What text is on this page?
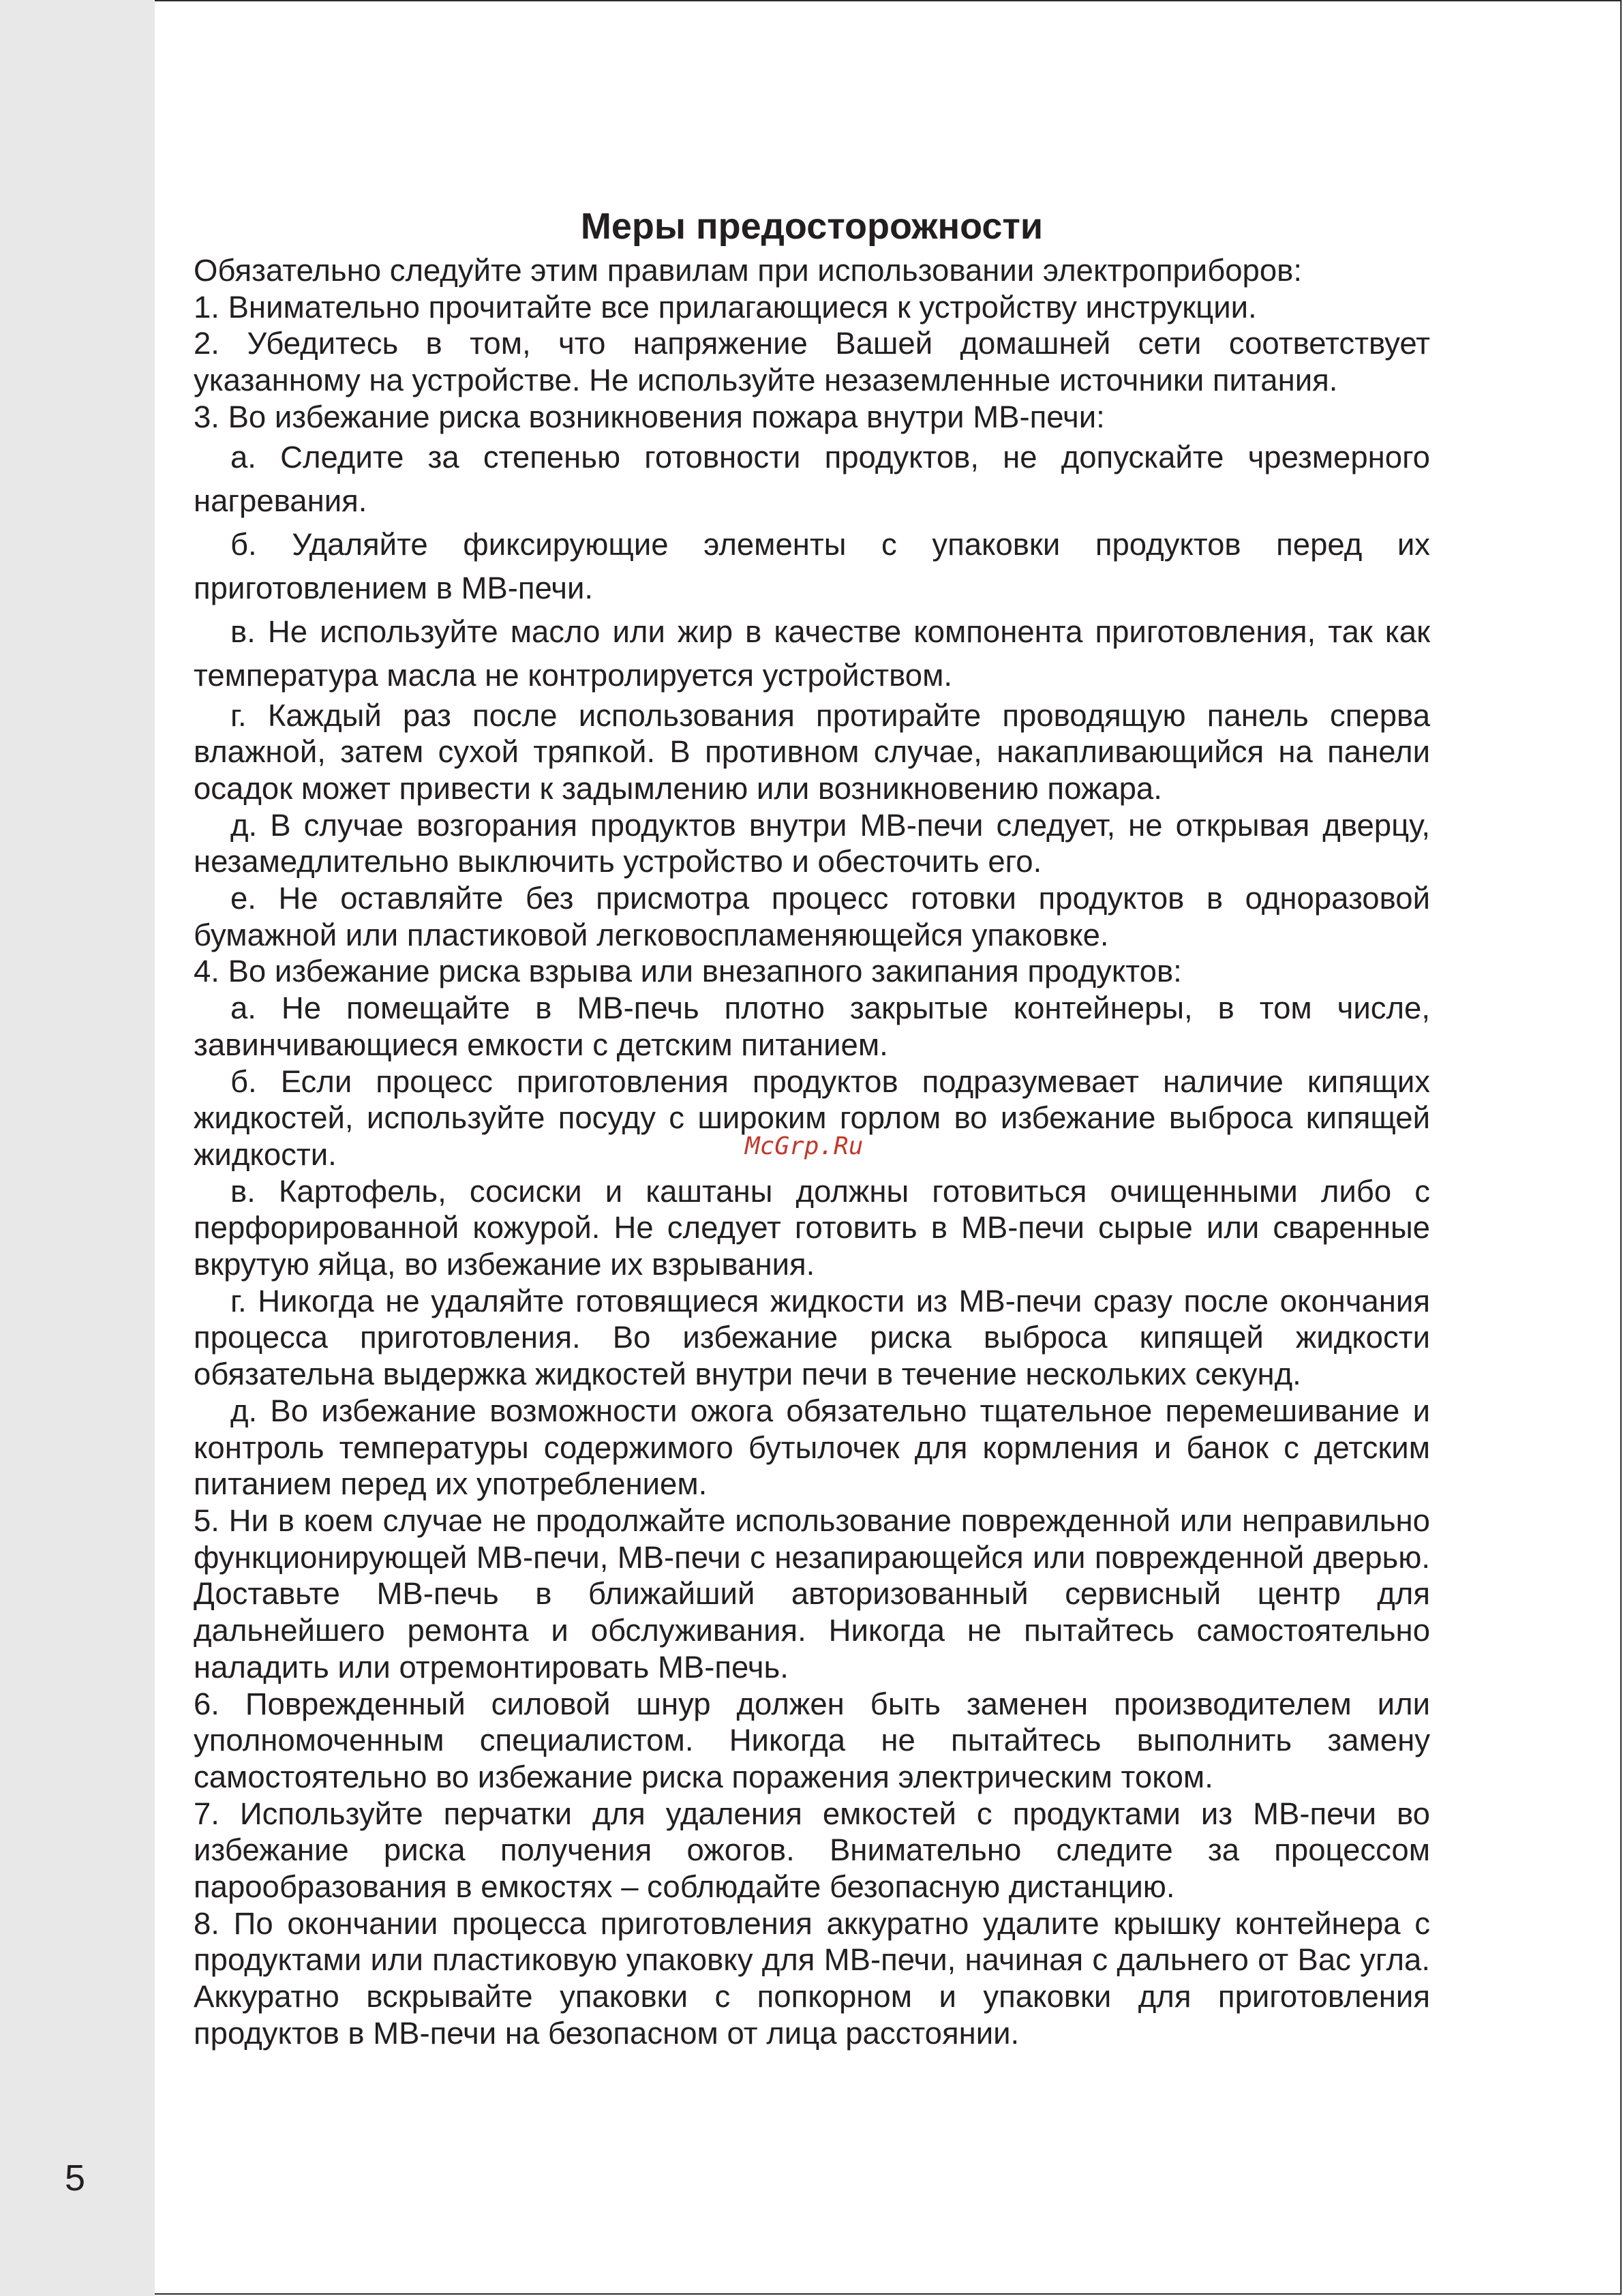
5
Меры предосторожности

Обязательно следуйте этим правилам при использовании электроприборов:

1. Внимательно прочитайте все прилагающиеся к устройству инструкции.

2. Убедитесь в том, что напряжение Вашей домашней сети соответствует указанному на устройстве. Не используйте незаземленные источники питания.

3. Во избежание риска возникновения пожара внутри МВ-печи:

а. Следите за степенью готовности продуктов, не допускайте чрезмерного нагревания.

б. Удаляйте фиксирующие элементы с упаковки продуктов перед их приготовлением в МВ-печи.

в. Не используйте масло или жир в качестве компонента приготовления, так как температура масла не контролируется устройством.

г. Каждый раз после использования протирайте проводящую панель сперва влажной, затем сухой тряпкой. В противном случае, накапливающийся на панели осадок может привести к задымлению или возникновению пожара.

д. В случае возгорания продуктов внутри МВ-печи следует, не открывая дверцу, незамедлительно выключить устройство и обесточить его.

е. Не оставляйте без присмотра процесс готовки продуктов в одноразовой бумажной или пластиковой легковоспламеняющейся упаковке.

4. Во избежание риска взрыва или внезапного закипания продуктов:

а. Не помещайте в МВ-печь плотно закрытые контейнеры, в том числе, завинчивающиеся емкости с детским питанием.

б. Если процесс приготовления продуктов подразумевает наличие кипящих жидкостей, используйте посуду с широким горлом во избежание выброса кипящей жидкости.

в. Картофель, сосиски и каштаны должны готовиться очищенными либо с перфорированной кожурой. Не следует готовить в МВ-печи сырые или сваренные вкрутую яйца, во избежание их взрывания.

г. Никогда не удаляйте готовящиеся жидкости из МВ-печи сразу после окончания процесса приготовления. Во избежание риска выброса кипящей жидкости обязательна выдержка жидкостей внутри печи в течение нескольких секунд.

д. Во избежание возможности ожога обязательно тщательное перемешивание и контроль температуры содержимого бутылочек для кормления и банок с детским питанием перед их употреблением.

5. Ни в коем случае не продолжайте использование поврежденной или неправильно функционирующей МВ-печи, МВ-печи с незапирающейся или поврежденной дверью. Доставьте МВ-печь в ближайший авторизованный сервисный центр для дальнейшего ремонта и обслуживания. Никогда не пытайтесь самостоятельно наладить или отремонтировать МВ-печь.

6. Поврежденный силовой шнур должен быть заменен производителем или уполномоченным специалистом. Никогда не пытайтесь выполнить замену самостоятельно во избежание риска поражения электрическим током.

7. Используйте перчатки для удаления емкостей с продуктами из МВ-печи во избежание риска получения ожогов. Внимательно следите за процессом парообразования в емкостях – соблюдайте безопасную дистанцию.

8. По окончании процесса приготовления аккуратно удалите крышку контейнера с продуктами или пластиковую упаковку для МВ-печи, начиная с дальнего от Вас угла. Аккуратно вскрывайте упаковки с попкорном и упаковки для приготовления продуктов в МВ-печи на безопасном от лица расстоянии.

McGrp.Ru
